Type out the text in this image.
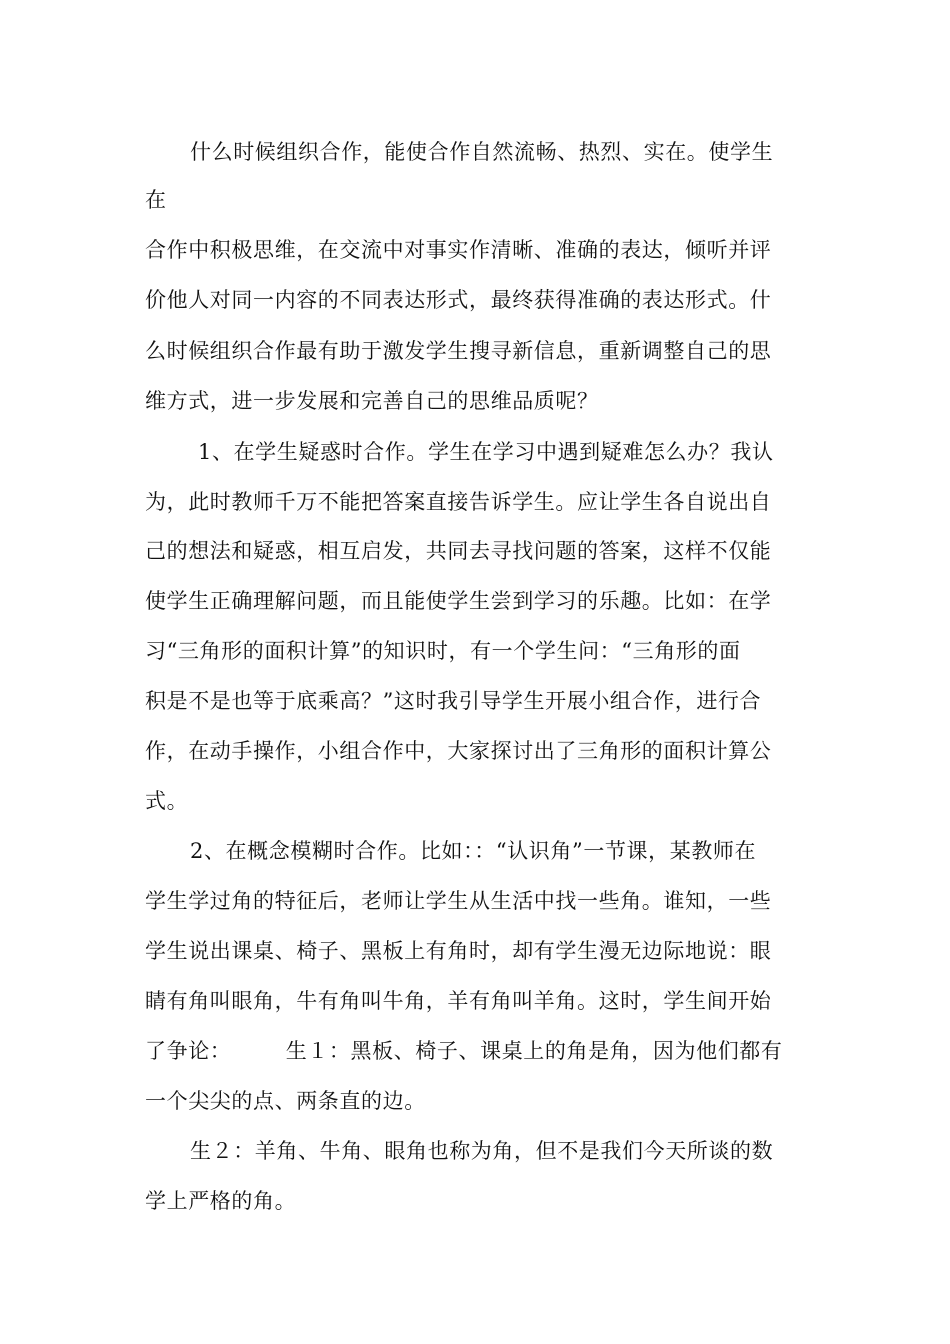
什么时候组织合作，能使合作自然流畅、热烈、实在。使学生
在
合作中积极思维，在交流中对事实作清晰、准确的表达，倾听并评
价他人对同一内容的不同表达形式，最终获得准确的表达形式。什
么时候组织合作最有助于激发学生搜寻新信息，重新调整自己的思
维方式，进一步发展和完善自己的思维品质呢？
1、在学生疑惑时合作。学生在学习中遇到疑难怎么办？我认
为，此时教师千万不能把答案直接告诉学生。应让学生各自说出自
己的想法和疑惑，相互启发，共同去寻找问题的答案，这样不仅能
使学生正确理解问题，而且能使学生尝到学习的乐趣。比如：在学
习“三角形的面积计算”的知识时，有一个学生问：“三角形的面
积是不是也等于底乘高？”这时我引导学生开展小组合作，进行合
作，在动手操作，小组合作中，大家探讨出了三角形的面积计算公
式。
2、在概念模糊时合作。比如：：“认识角”一节课，某教师在
学生学过角的特征后，老师让学生从生活中找一些角。谁知，一些
学生说出课桌、椅子、黑板上有角时，却有学生漫无边际地说：眼
睛有角叫眼角，牛有角叫牛角，羊有角叫羊角。这时，学生间开始
了争论：　　　生１：黑板、椅子、课桌上的角是角，因为他们都有
一个尖尖的点、两条直的边。
生２：羊角、牛角、眼角也称为角，但不是我们今天所谈的数
学上严格的角。
